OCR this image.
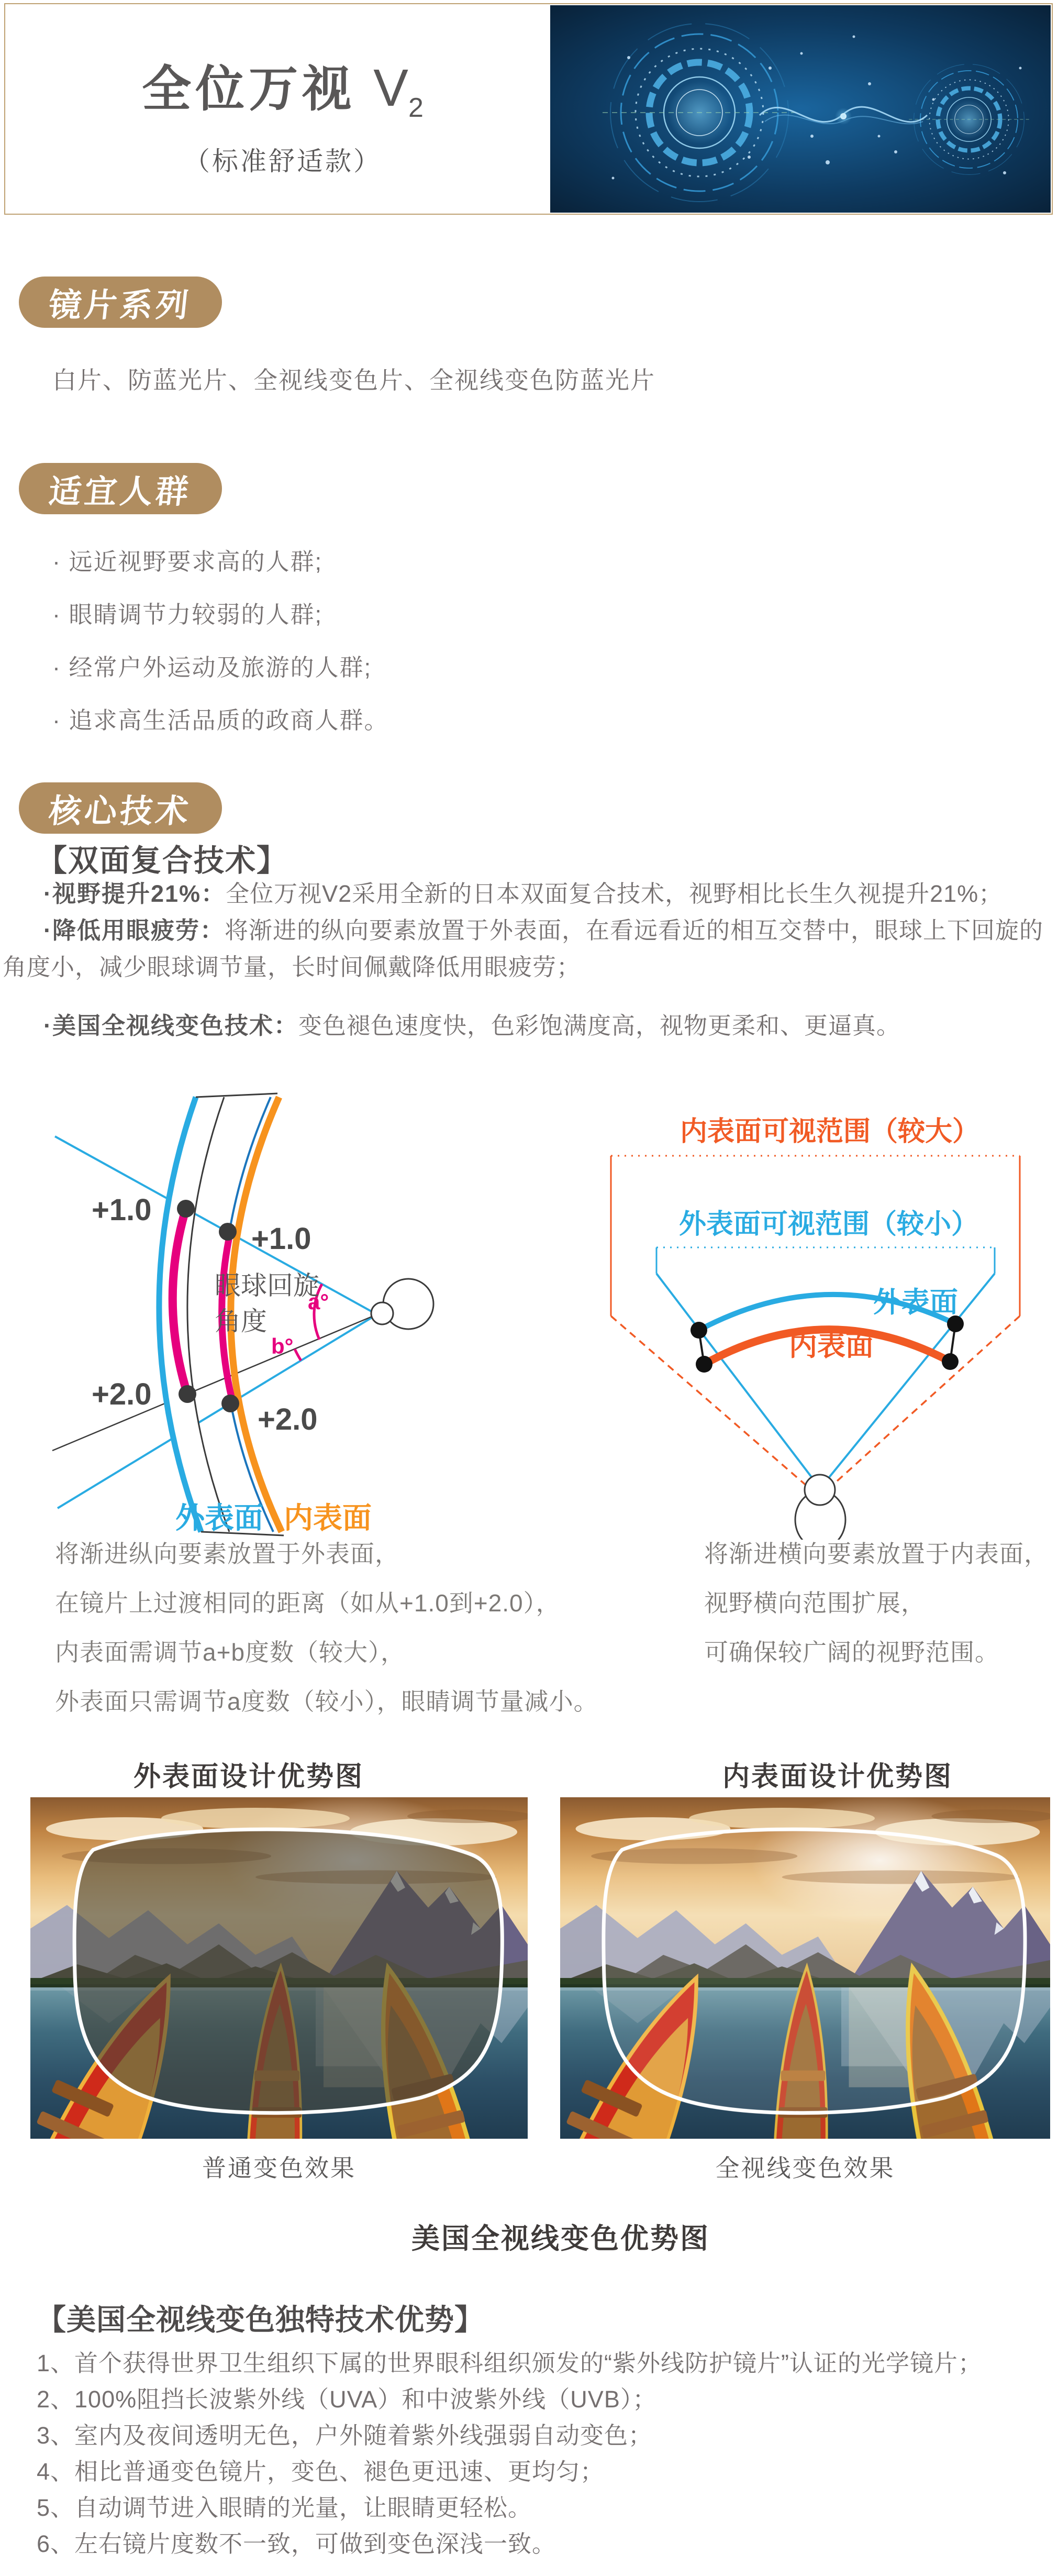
全位万视 $V_2$
（标准舒适款）
镜片系列
白片、防蓝光片、全视线变色片、全视线变色防蓝光片
适宜人群
· 远近视野要求高的人群;
· 眼睛调节力较弱的人群;
· 经常户外运动及旅游的人群;
· 追求高生活品质的政商人群。
核心技术
【双面复合技术】

·视野提升21%：全位万视V2采用全新的日本双面复合技术，视野相比长生久视提升21%；

·降低用眼疲劳：将渐进的纵向要素放置于外表面，在看远看近的相互交替中，眼球上下回旋的角度小，减少眼球调节量，长时间佩戴降低用眼疲劳；

·美国全视线变色技术：变色褪色速度快，色彩饱满度高，视物更柔和、更逼真。

+1.0
+1.0
+2.0
+2.0
眼球回旋
角度
a°
b°
外表面 内表面
内表面可视范围（较大）
外表面可视范围（较小）
外表面
内表面
将渐进纵向要素放置于外表面，
在镜片上过渡相同的距离（如从+1.0到+2.0），
内表面需调节a+b度数（较大），
外表面只需调节a度数（较小），眼睛调节量减小。
将渐进横向要素放置于内表面，
视野横向范围扩展，
可确保较广阔的视野范围。
外表面设计优势图	内表面设计优势图
普通变色效果	全视线变色效果
美国全视线变色优势图
【美国全视线变色独特技术优势】
1、首个获得世界卫生组织下属的世界眼科组织颁发的“紫外线防护镜片”认证的光学镜片；
2、100%阻挡长波紫外线（UVA）和中波紫外线（UVB）；
3、室内及夜间透明无色，户外随着紫外线强弱自动变色；
4、相比普通变色镜片，变色、褪色更迅速、更均匀；
5、自动调节进入眼睛的光量，让眼睛更轻松。
6、左右镜片度数不一致，可做到变色深浅一致。
